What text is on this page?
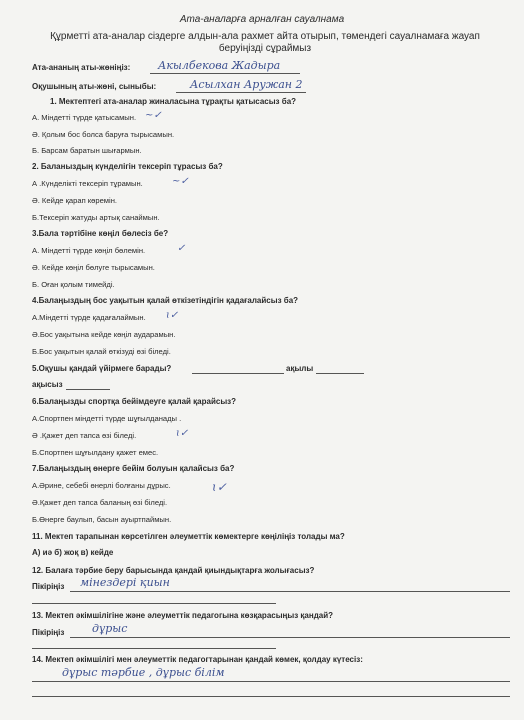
Ата-аналарға арналған сауалнама
Құрметті ата-аналар сіздерге алдын-ала рахмет айта отырып, төмендегі сауалнамаға жауап беруіңізді сұраймыз
Ата-ананың аты-жөніңіз:	Акылбекова Жадыра
Оқушының аты-жөні, сыныбы:	Асылхан Аружан 2
1. Мектептегі ата-аналар жиналасына тұрақты қатысасыз ба?
А. Міндетті түрде қатысамын. ~✓
Ә. Қолым бос болса баруға тырысамын.
Б. Барсам баратын шығармын.
2. Баланыздың күнделігін тексеріп тұрасыз ба?
А .Күнделікті тексеріп тұрамын.	~✓
Ә. Кейде қарап көремін.
Б.Тексеріп жатуды артық санаймын.
3.Бала тәртібіне көңіл бөлесіз бе?
А. Міндетті түрде көңіл бөлемін.	✓
Ә. Кейде көңіл бөлуге тырысамын.
Б. Оған қолым тимейді.
4.Балаңыздың бос уақытын қалай өткізетіндігін қадағалайсыз ба?
А.Міндетті түрде қадағалаймын. ɩ✓
Ә.Бос уақытына кейде көңіл аударамын.
Б.Бос уақытын қалай өткізуді өзі біледі.
5.Оқушы қандай үйірмеге барады?	ақылы
ақысыз
6.Балаңызды спортқа бейімдеуге қалай қарайсыз?
А.Спортпен міндетті түрде шұғылданады .
Ә .Қажет деп тапса өзі біледі.	ɩ✓
Б.Спортпен шұғылдану қажет емес.
7.Балаңыздың өнерге бейім болуын қалайсыз ба?
А.Әрине, себебі өнерлі болғаны дұрыс.	ɩ✓
Ә.Қажет деп тапса баланың өзі біледі.
Б.Өнерге баулып, басын ауыртпаймын.
11. Мектеп тарапынан көрсетілген әлеуметтік көмектерге көңіліңіз толады ма?
А) иә б) жоқ в) кейде
12. Балаға тәрбие беру барысында қандай қиындықтарға жолығасыз?
Пікіріңіз мінездері қиын
13. Мектеп әкімшілігіне және әлеуметтік педагогына көзқарасыңыз қандай?
Пікіріңіз	дұрыс
14. Мектеп әкімшілігі мен әлеуметтік педагогтарынан қандай көмек, қолдау күтесіз:
дұрыс тәрбие , дұрыс білім
